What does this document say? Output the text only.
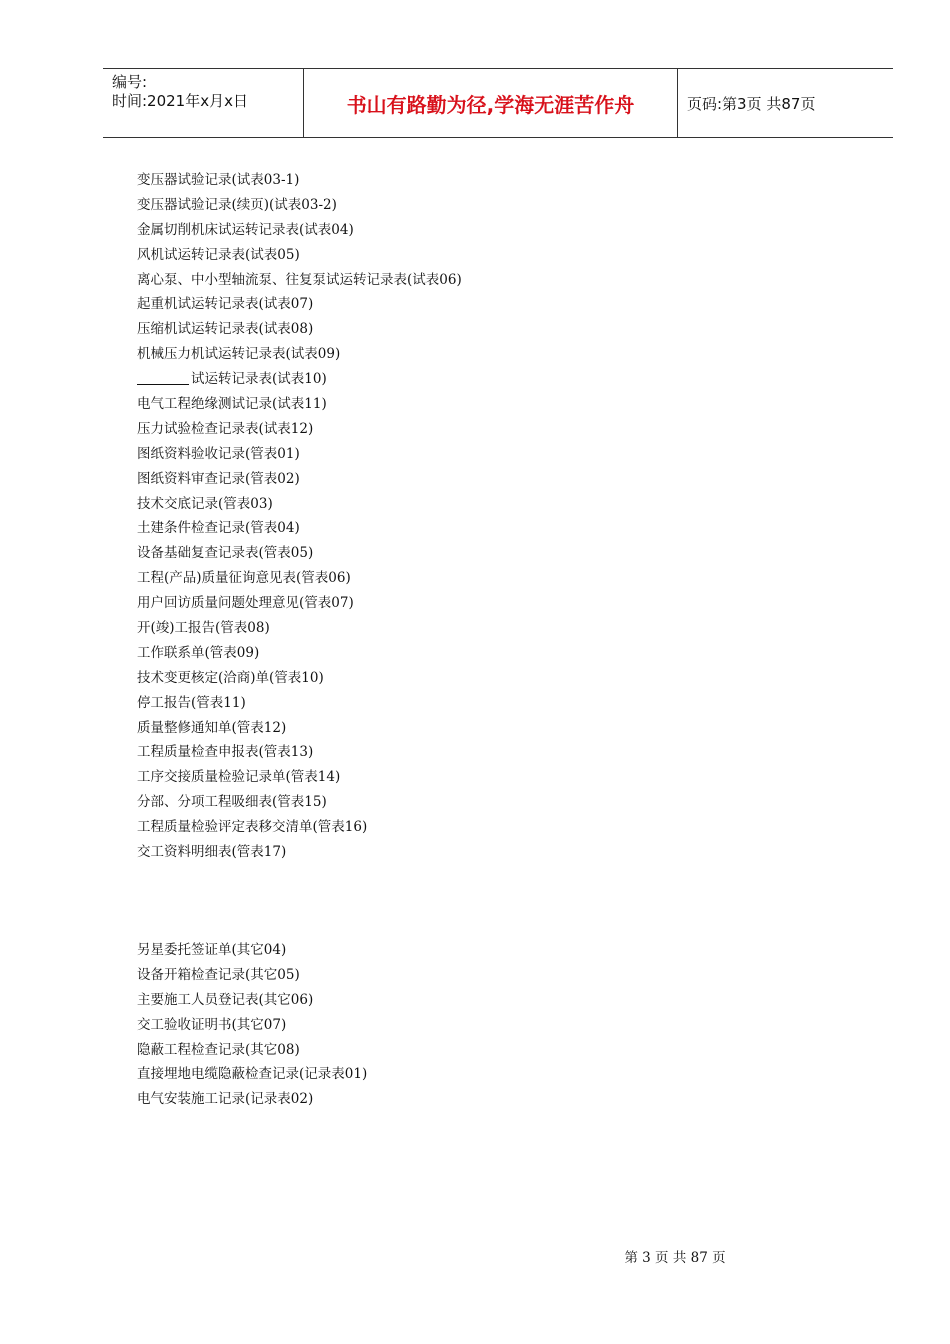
编号:
时间:2021年x月x日	书山有路勤为径,学海无涯苦作舟	页码:第3页 共87页
变压器试验记录(试表03-1)
变压器试验记录(续页)(试表03-2)
金属切削机床试运转记录表(试表04)
风机试运转记录表(试表05)
离心泵、中小型轴流泵、往复泵试运转记录表(试表06)
起重机试运转记录表(试表07)
压缩机试运转记录表(试表08)
机械压力机试运转记录表(试表09)
试运转记录表(试表10)
电气工程绝缘测试记录(试表11)
压力试验检查记录表(试表12)
图纸资料验收记录(管表01)
图纸资料审查记录(管表02)
技术交底记录(管表03)
土建条件检查记录(管表04)
设备基础复查记录表(管表05)
工程(产品)质量征询意见表(管表06)
用户回访质量问题处理意见(管表07)
开(竣)工报告(管表08)
工作联系单(管表09)
技术变更核定(洽商)单(管表10)
停工报告(管表11)
质量整修通知单(管表12)
工程质量检查申报表(管表13)
工序交接质量检验记录单(管表14)
分部、分项工程吸细表(管表15)
工程质量检验评定表移交清单(管表16)
交工资料明细表(管表17)
另星委托签证单(其它04)
设备开箱检查记录(其它05)
主要施工人员登记表(其它06)
交工验收证明书(其它07)
隐蔽工程检查记录(其它08)
直接埋地电缆隐蔽检查记录(记录表01)
电气安装施工记录(记录表02)
第 3 页 共 87 页
